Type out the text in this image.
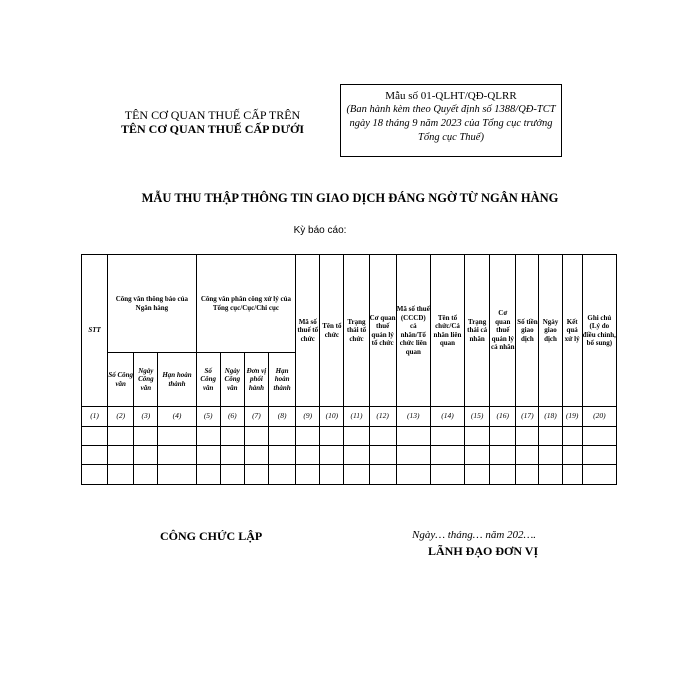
TÊN CƠ QUAN THUẾ CẤP TRÊN
TÊN CƠ QUAN THUẾ CẤP DƯỚI
Mẫu số 01-QLHT/QĐ-QLRR
(Ban hành kèm theo Quyết định số 1388/QĐ-TCT ngày 18 tháng 9 năm 2023 của Tổng cục trưởng Tổng cục Thuế)
MẪU THU THẬP THÔNG TIN GIAO DỊCH ĐÁNG NGỜ TỪ NGÂN HÀNG
Kỳ báo cáo:
STT	Công văn thông báo của Ngân hàng			Công văn phân công xử lý của Tổng cục/Cục/Chi cục				Mã số thuế tổ chức	Tên tổ chức	Trạng thái tổ chức	Cơ quan thuế quản lý tổ chức	Mã số thuế (CCCD) cá nhân/Tổ chức liên quan	Tên tổ chức/Cá nhân liên quan	Trạng thái cá nhân	Cơ quan thuế quản lý cá nhân	Số tiền giao dịch	Ngày giao dịch	Kết quả xử lý	Ghi chú (Lý do điều chỉnh, bổ sung)
	Số Công văn	Ngày Công văn	Hạn hoàn thành	Số Công văn	Ngày Công văn	Đơn vị phối hành	Hạn hoàn thành												
(1)	(2)	(3)	(4)	(5)	(6)	(7)	(8)	(9)	(10)	(11)	(12)	(13)	(14)	(15)	(16)	(17)	(18)	(19)	(20)

CÔNG CHỨC LẬP	Ngày… tháng… năm 202….
LÃNH ĐẠO ĐƠN VỊ
